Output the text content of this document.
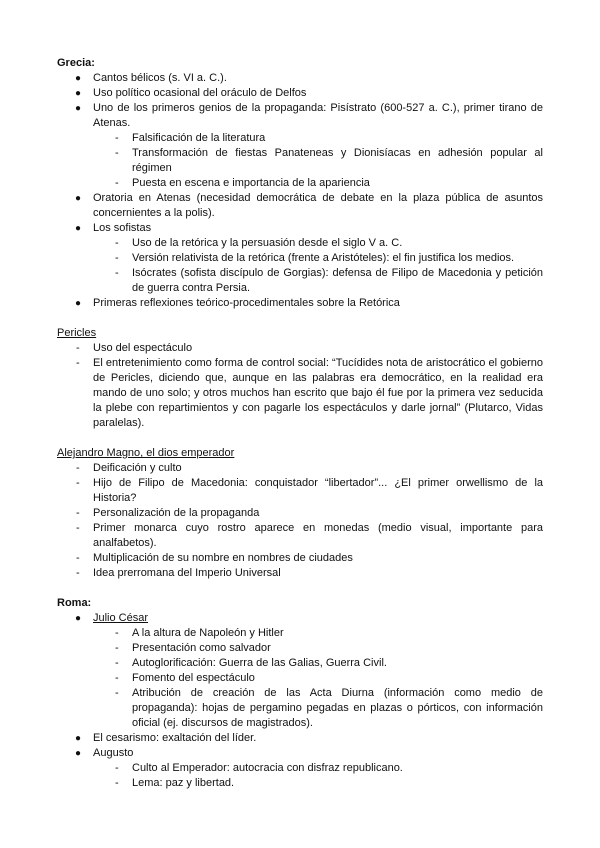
Grecia:

●	Cantos bélicos (s. VI a. C.).
●	Uso político ocasional del oráculo de Delfos
●	Uno de los primeros genios de la propaganda: Pisístrato (600-527 a. C.), primer tirano de Atenas.
-	Falsificación de la literatura
-	Transformación de fiestas Panateneas y Dionisíacas en adhesión popular al régimen
-	Puesta en escena e importancia de la apariencia
●	Oratoria en Atenas (necesidad democrática de debate en la plaza pública de asuntos concernientes a la polis).
●	Los sofistas
-	Uso de la retórica y la persuasión desde el siglo V a. C.
-	Versión relativista de la retórica (frente a Aristóteles): el fin justifica los medios.
-	Isócrates (sofista discípulo de Gorgias): defensa de Filipo de Macedonia y petición de guerra contra Persia.
●	Primeras reflexiones teórico-procedimentales sobre la Retórica

Pericles

-	Uso del espectáculo
-	El entretenimiento como forma de control social: “Tucídides nota de aristocrático el gobierno de Pericles, diciendo que, aunque en las palabras era democrático, en la realidad era mando de uno solo; y otros muchos han escrito que bajo él fue por la primera vez seducida la plebe con repartimientos y con pagarle los espectáculos y darle jornal” (Plutarco, Vidas paralelas).

Alejandro Magno, el dios emperador

-	Deificación y culto
-	Hijo de Filipo de Macedonia: conquistador “libertador”... ¿El primer orwellismo de la Historia?
-	Personalización de la propaganda
-	Primer monarca cuyo rostro aparece en monedas (medio visual, importante para analfabetos).
-	Multiplicación de su nombre en nombres de ciudades
-	Idea prerromana del Imperio Universal

Roma:

●	Julio César
-	A la altura de Napoleón y Hitler
-	Presentación como salvador
-	Autoglorificación: Guerra de las Galias, Guerra Civil.
-	Fomento del espectáculo
-	Atribución de creación de las Acta Diurna (información como medio de propaganda): hojas de pergamino pegadas en plazas o pórticos, con información oficial (ej. discursos de magistrados).
●	El cesarismo: exaltación del líder.
●	Augusto
-	Culto al Emperador: autocracia con disfraz republicano.
-	Lema: paz y libertad.
